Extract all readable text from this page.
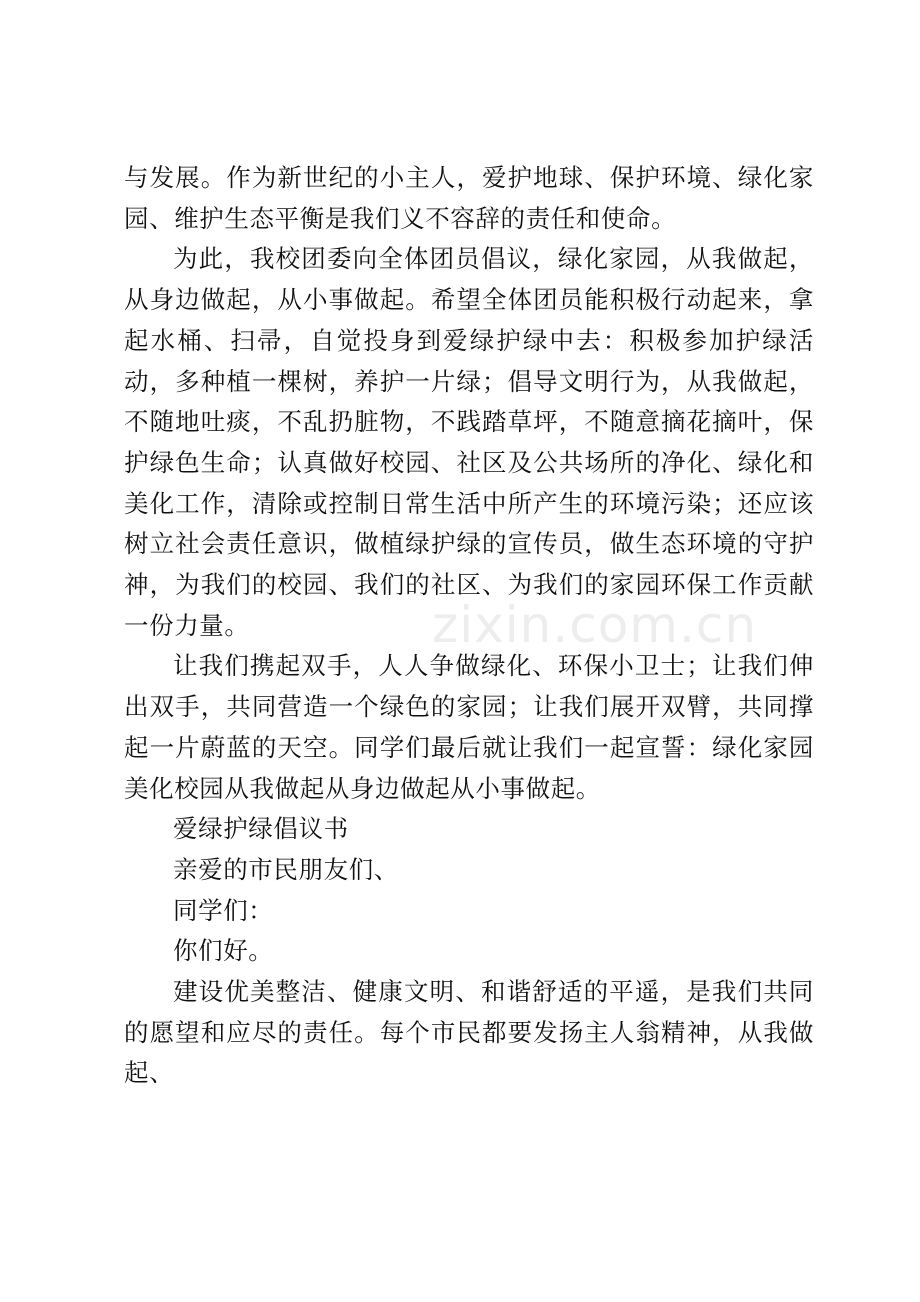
与发展。作为新世纪的小主人，爱护地球、保护环境、绿化家园、维护生态平衡是我们义不容辞的责任和使命。

为此，我校团委向全体团员倡议，绿化家园，从我做起，从身边做起，从小事做起。希望全体团员能积极行动起来，拿起水桶、扫帚，自觉投身到爱绿护绿中去：积极参加护绿活动，多种植一棵树，养护一片绿；倡导文明行为，从我做起，不随地吐痰，不乱扔脏物，不践踏草坪，不随意摘花摘叶，保护绿色生命；认真做好校园、社区及公共场所的净化、绿化和美化工作，清除或控制日常生活中所产生的环境污染；还应该树立社会责任意识，做植绿护绿的宣传员，做生态环境的守护神，为我们的校园、我们的社区、为我们的家园环保工作贡献一份力量。

让我们携起双手，人人争做绿化、环保小卫士；让我们伸出双手，共同营造一个绿色的家园；让我们展开双臂，共同撑起一片蔚蓝的天空。同学们最后就让我们一起宣誓：绿化家园美化校园从我做起从身边做起从小事做起。

爱绿护绿倡议书

亲爱的市民朋友们、

同学们：

你们好。

建设优美整洁、健康文明、和谐舒适的平遥，是我们共同的愿望和应尽的责任。每个市民都要发扬主人翁精神，从我做起、

zixin.com.cn
